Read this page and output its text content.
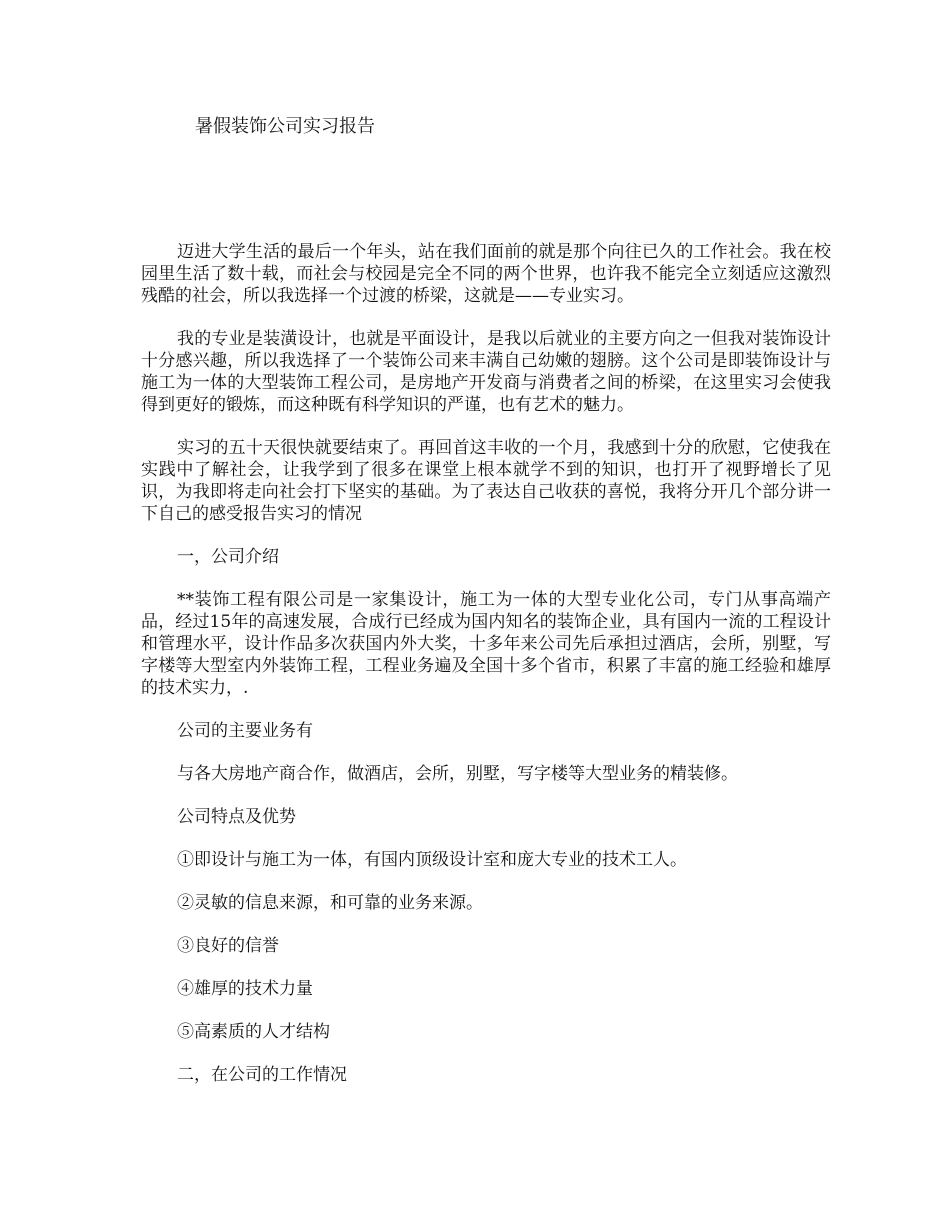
暑假装饰公司实习报告

迈进大学生活的最后一个年头，站在我们面前的就是那个向往已久的工作社会。我在校园里生活了数十载，而社会与校园是完全不同的两个世界，也许我不能完全立刻适应这激烈残酷的社会，所以我选择一个过渡的桥梁，这就是——专业实习。

我的专业是装潢设计，也就是平面设计，是我以后就业的主要方向之一但我对装饰设计十分感兴趣，所以我选择了一个装饰公司来丰满自己幼嫩的翅膀。这个公司是即装饰设计与施工为一体的大型装饰工程公司，是房地产开发商与消费者之间的桥梁，在这里实习会使我得到更好的锻炼，而这种既有科学知识的严谨，也有艺术的魅力。

实习的五十天很快就要结束了。再回首这丰收的一个月，我感到十分的欣慰，它使我在实践中了解社会，让我学到了很多在课堂上根本就学不到的知识，也打开了视野增长了见识，为我即将走向社会打下坚实的基础。为了表达自己收获的喜悦，我将分开几个部分讲一下自己的感受报告实习的情况

一，公司介绍

**装饰工程有限公司是一家集设计，施工为一体的大型专业化公司，专门从事高端产品，经过15年的高速发展，合成行已经成为国内知名的装饰企业，具有国内一流的工程设计和管理水平，设计作品多次获国内外大奖，十多年来公司先后承担过酒店，会所，别墅，写字楼等大型室内外装饰工程，工程业务遍及全国十多个省市，积累了丰富的施工经验和雄厚的技术实力，.

公司的主要业务有

与各大房地产商合作，做酒店，会所，别墅，写字楼等大型业务的精装修。

公司特点及优势

①即设计与施工为一体，有国内顶级设计室和庞大专业的技术工人。

②灵敏的信息来源，和可靠的业务来源。

③良好的信誉

④雄厚的技术力量

⑤高素质的人才结构

二，在公司的工作情况
